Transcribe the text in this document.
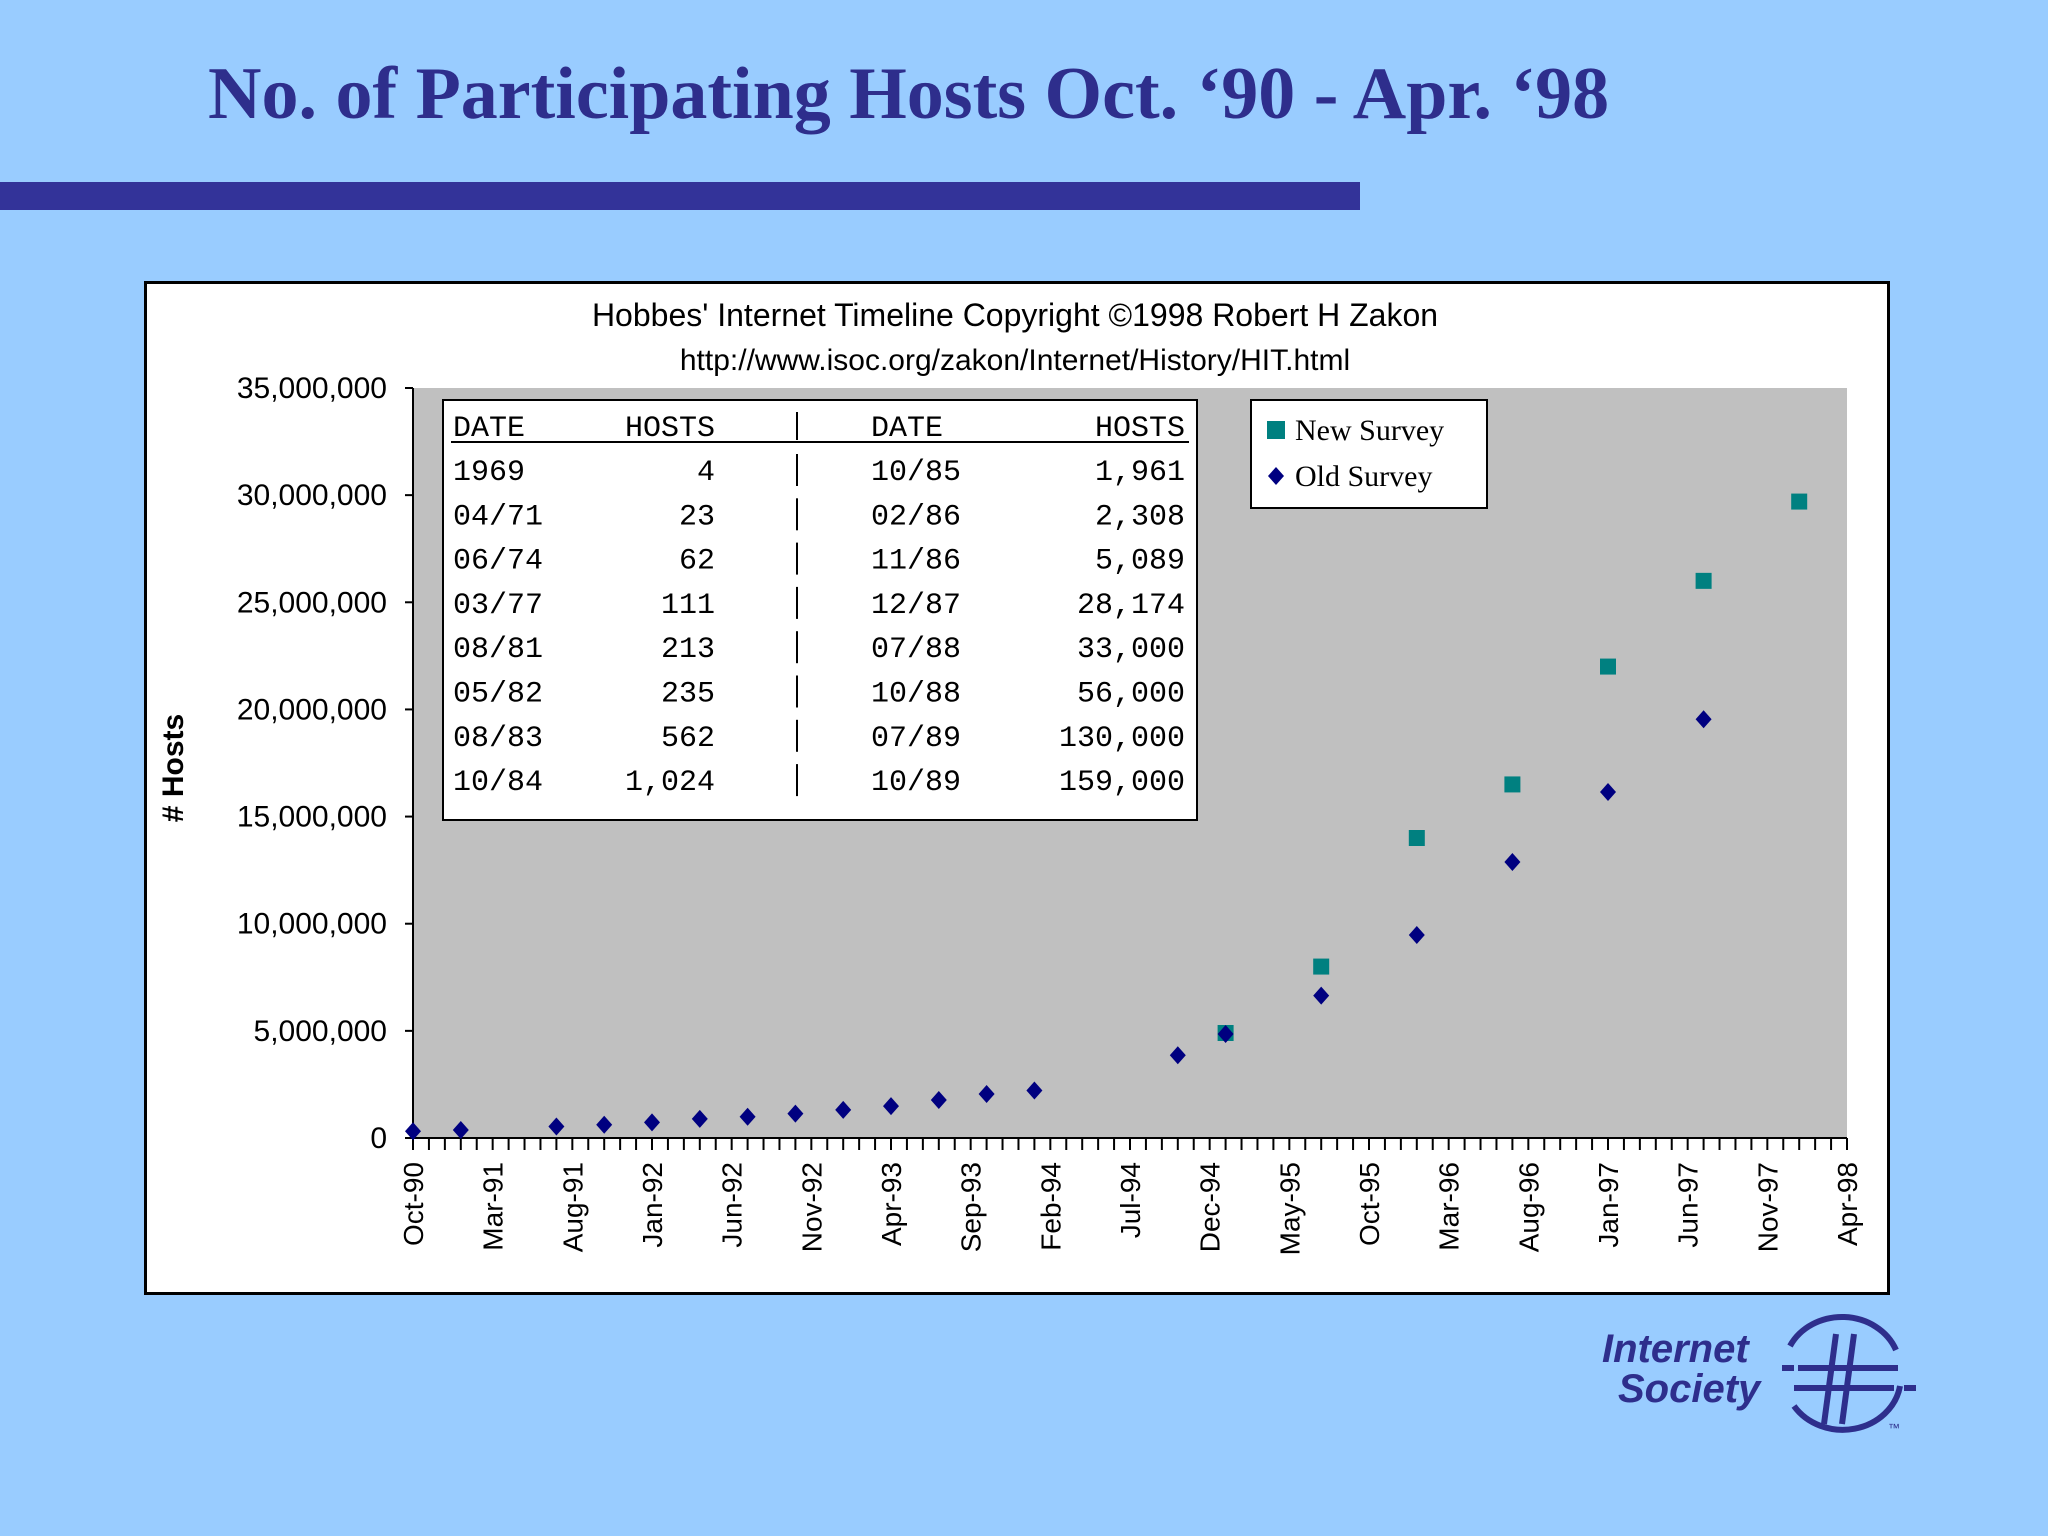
No. of Participating Hosts Oct. ‘90 - Apr. ‘98
Hobbes' Internet Timeline Copyright ©1998 Robert H Zakon
http://www.isoc.org/zakon/Internet/History/HIT.html
# Hosts
0
5,000,000
10,000,000
15,000,000
20,000,000
25,000,000
30,000,000
35,000,000
Oct-90 Mar-91 Aug-91 Jan-92 Jun-92 Nov-92 Apr-93 Sep-93 Feb-94 Jul-94 Dec-94 May-95 Oct-95 Mar-96 Aug-96 Jan-97 Jun-97 Nov-97 Apr-98
DATE	HOSTS	DATE	HOSTS
1969	4	10/85	1,961
04/71	23	02/86	2,308
06/74	62	11/86	5,089
03/77	111	12/87	28,174
08/81	213	07/88	33,000
05/82	235	10/88	56,000
08/83	562	07/89	130,000
10/84	1,024	10/89	159,000
New Survey
Old Survey
Internet
Society
™
